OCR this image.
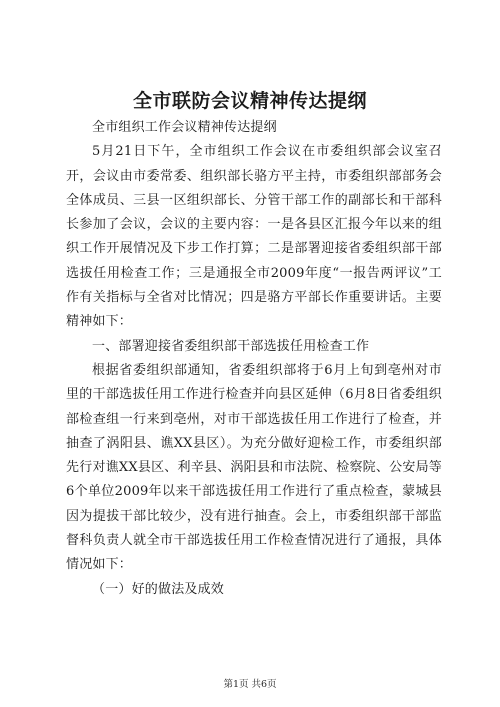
全市联防会议精神传达提纲

全市组织工作会议精神传达提纲

5月21日下午，全市组织工作会议在市委组织部会议室召开，会议由市委常委、组织部长骆方平主持，市委组织部部务会全体成员、三县一区组织部长、分管干部工作的副部长和干部科长参加了会议，会议的主要内容：一是各县区汇报今年以来的组织工作开展情况及下步工作打算；二是部署迎接省委组织部干部选拔任用检查工作；三是通报全市2009年度“一报告两评议”工作有关指标与全省对比情况；四是骆方平部长作重要讲话。主要精神如下：

一、部署迎接省委组织部干部选拔任用检查工作

根据省委组织部通知，省委组织部将于6月上旬到亳州对市里的干部选拔任用工作进行检查并向县区延伸（6月8日省委组织部检查组一行来到亳州，对市干部选拔任用工作进行了检查，并抽查了涡阳县、谯XX县区）。为充分做好迎检工作，市委组织部先行对谯XX县区、利辛县、涡阳县和市法院、检察院、公安局等6个单位2009年以来干部选拔任用工作进行了重点检查，蒙城县因为提拔干部比较少，没有进行抽查。会上，市委组织部干部监督科负责人就全市干部选拔任用工作检查情况进行了通报，具体情况如下：

（一）好的做法及成效

第1页 共6页
